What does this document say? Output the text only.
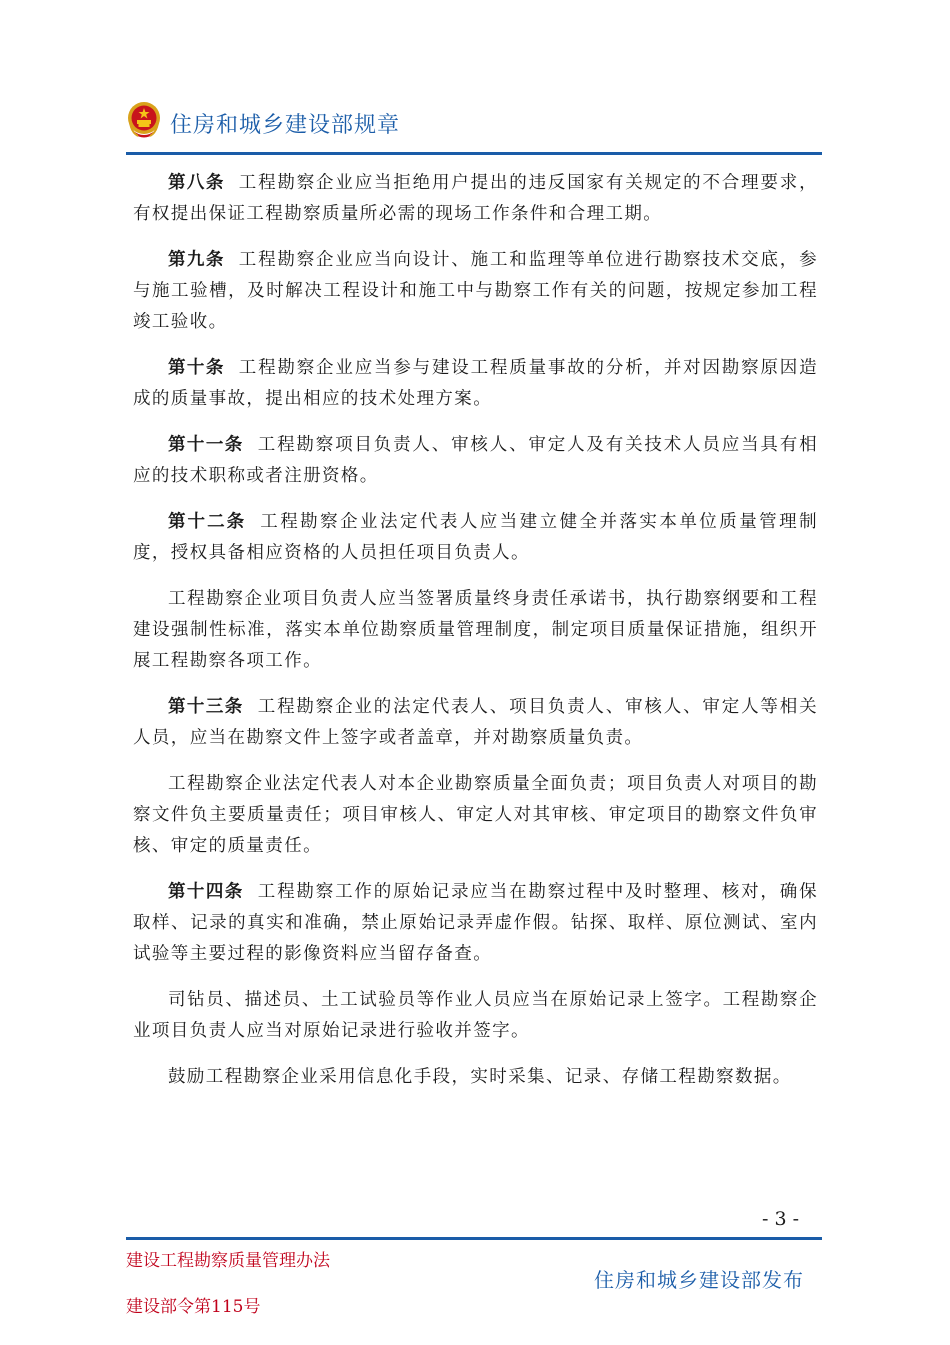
住房和城乡建设部规章

第八条 工程勘察企业应当拒绝用户提出的违反国家有关规定的不合理要求，有权提出保证工程勘察质量所必需的现场工作条件和合理工期。

第九条 工程勘察企业应当向设计、施工和监理等单位进行勘察技术交底，参与施工验槽，及时解决工程设计和施工中与勘察工作有关的问题，按规定参加工程竣工验收。

第十条 工程勘察企业应当参与建设工程质量事故的分析，并对因勘察原因造成的质量事故，提出相应的技术处理方案。

第十一条 工程勘察项目负责人、审核人、审定人及有关技术人员应当具有相应的技术职称或者注册资格。

第十二条 工程勘察企业法定代表人应当建立健全并落实本单位质量管理制度，授权具备相应资格的人员担任项目负责人。

工程勘察企业项目负责人应当签署质量终身责任承诺书，执行勘察纲要和工程建设强制性标准，落实本单位勘察质量管理制度，制定项目质量保证措施，组织开展工程勘察各项工作。

第十三条 工程勘察企业的法定代表人、项目负责人、审核人、审定人等相关人员，应当在勘察文件上签字或者盖章，并对勘察质量负责。

工程勘察企业法定代表人对本企业勘察质量全面负责；项目负责人对项目的勘察文件负主要质量责任；项目审核人、审定人对其审核、审定项目的勘察文件负审核、审定的质量责任。

第十四条 工程勘察工作的原始记录应当在勘察过程中及时整理、核对，确保取样、记录的真实和准确，禁止原始记录弄虚作假。钻探、取样、原位测试、室内试验等主要过程的影像资料应当留存备查。

司钻员、描述员、土工试验员等作业人员应当在原始记录上签字。工程勘察企业项目负责人应当对原始记录进行验收并签字。

鼓励工程勘察企业采用信息化手段，实时采集、记录、存储工程勘察数据。

- 3 -
建设工程勘察质量管理办法
建设部令第115号
住房和城乡建设部发布
